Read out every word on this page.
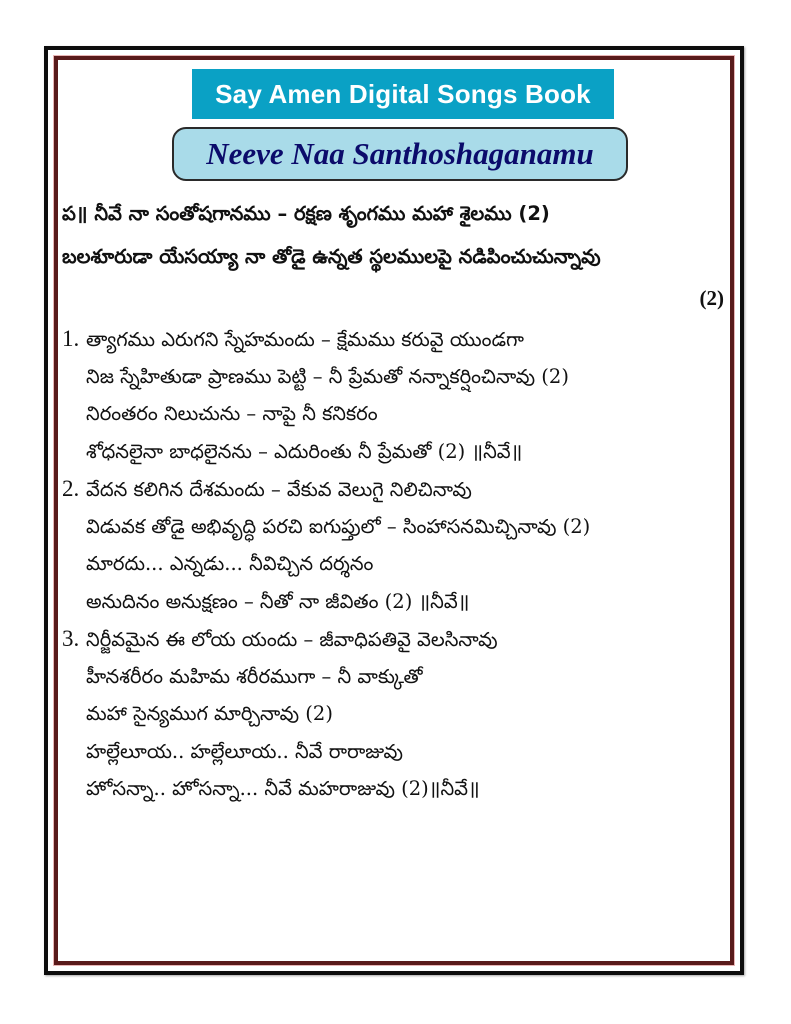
Say Amen Digital Songs Book
Neeve Naa Santhoshaganamu
ప॥ నీవే నా సంతోషగానము – రక్షణ శృంగము మహా శైలము (2)
బలశూరుడా యేసయ్యా నా తోడై ఉన్నత స్థలములపై నడిపించుచున్నావు
(2)
1. త్యాగము ఎరుగని స్నేహమందు – క్షేమము కరువై యుండగా
నిజ స్నేహితుడా ప్రాణము పెట్టి – నీ ప్రేమతో నన్నాకర్షించినావు (2)
నిరంతరం నిలుచును – నాపై నీ కనికరం
శోధనలైనా బాధలైనను – ఎదురింతు నీ ప్రేమతో (2) ॥నీవే॥
2. వేదన కలిగిన దేశమందు – వేకువ వెలుగై నిలిచినావు
విడువక తోడై అభివృద్ధి పరచి ఐగుప్తులో – సింహాసనమిచ్చినావు (2)
మారదు... ఎన్నడు... నీవిచ్చిన దర్శనం
అనుదినం అనుక్షణం – నీతో నా జీవితం (2) ॥నీవే॥
3. నిర్జీవమైన ఈ లోయ యందు – జీవాధిపతివై వెలసినావు
హీనశరీరం మహిమ శరీరముగా – నీ వాక్కుతో
మహా సైన్యముగ మార్చినావు (2)
హల్లేలూయ.. హల్లేలూయ.. నీవే రారాజువు
హోసన్నా.. హోసన్నా... నీవే మహరాజువు (2)॥నీవే॥
